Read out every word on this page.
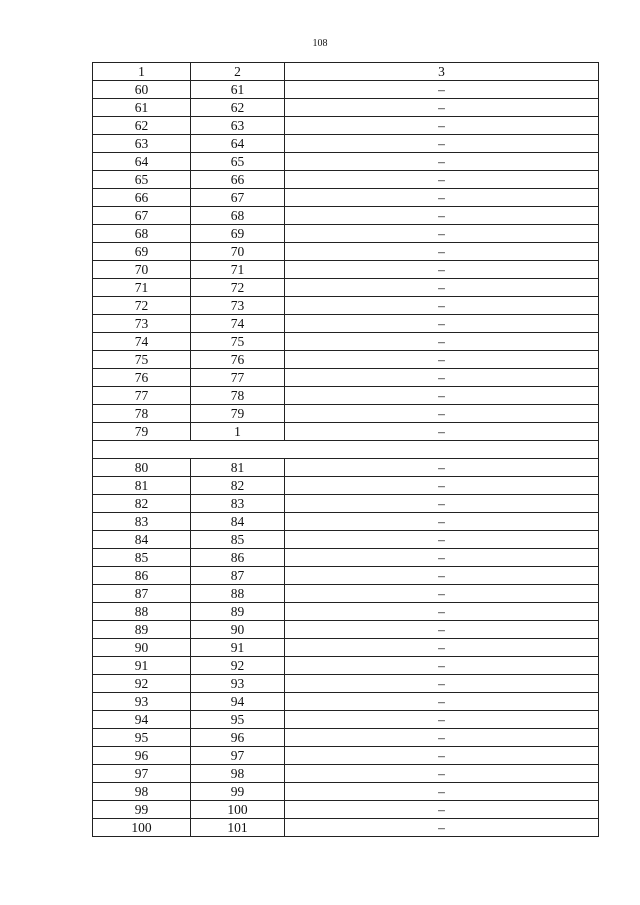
108
1	2	3
60	61	–
61	62	–
62	63	–
63	64	–
64	65	–
65	66	–
66	67	–
67	68	–
68	69	–
69	70	–
70	71	–
71	72	–
72	73	–
73	74	–
74	75	–
75	76	–
76	77	–
77	78	–
78	79	–
79	1	–

80	81	–
81	82	–
82	83	–
83	84	–
84	85	–
85	86	–
86	87	–
87	88	–
88	89	–
89	90	–
90	91	–
91	92	–
92	93	–
93	94	–
94	95	–
95	96	–
96	97	–
97	98	–
98	99	–
99	100	–
100	101	–
